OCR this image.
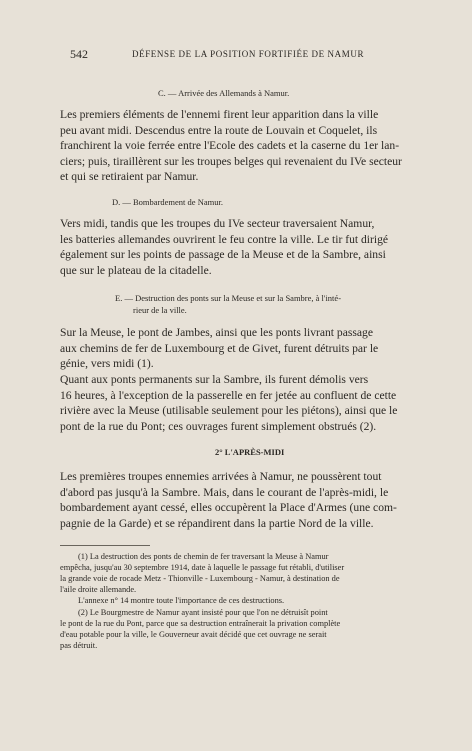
542	DÉFENSE DE LA POSITION FORTIFIÉE DE NAMUR
C. — Arrivée des Allemands à Namur.

Les premiers éléments de l'ennemi firent leur apparition dans la ville
peu avant midi. Descendus entre la route de Louvain et Coquelet, ils
franchirent la voie ferrée entre l'Ecole des cadets et la caserne du 1er lan-
ciers; puis, tiraillèrent sur les troupes belges qui revenaient du IVe secteur
et qui se retiraient par Namur.

D. — Bombardement de Namur.

Vers midi, tandis que les troupes du IVe secteur traversaient Namur,
les batteries allemandes ouvrirent le feu contre la ville. Le tir fut dirigé
également sur les points de passage de la Meuse et de la Sambre, ainsi
que sur le plateau de la citadelle.

E. — Destruction des ponts sur la Meuse et sur la Sambre, à l'inté-
rieur de la ville.

Sur la Meuse, le pont de Jambes, ainsi que les ponts livrant passage
aux chemins de fer de Luxembourg et de Givet, furent détruits par le
génie, vers midi (1).

Quant aux ponts permanents sur la Sambre, ils furent démolis vers
16 heures, à l'exception de la passerelle en fer jetée au confluent de cette
rivière avec la Meuse (utilisable seulement pour les piétons), ainsi que le
pont de la rue du Pont; ces ouvrages furent simplement obstrués (2).

2° L'APRÈS-MIDI

Les premières troupes ennemies arrivées à Namur, ne poussèrent tout
d'abord pas jusqu'à la Sambre. Mais, dans le courant de l'après-midi, le
bombardement ayant cessé, elles occupèrent la Place d'Armes (une com-
pagnie de la Garde) et se répandirent dans la partie Nord de la ville.

(1) La destruction des ponts de chemin de fer traversant la Meuse à Namur
empêcha, jusqu'au 30 septembre 1914, date à laquelle le passage fut rétabli, d'utiliser
la grande voie de rocade Metz - Thionville - Luxembourg - Namur, à destination de
l'aile droite allemande.
L'annexe n° 14 montre toute l'importance de ces destructions.

(2) Le Bourgmestre de Namur ayant insisté pour que l'on ne détruisît point
le pont de la rue du Pont, parce que sa destruction entraînerait la privation complète
d'eau potable pour la ville, le Gouverneur avait décidé que cet ouvrage ne serait
pas détruit.
